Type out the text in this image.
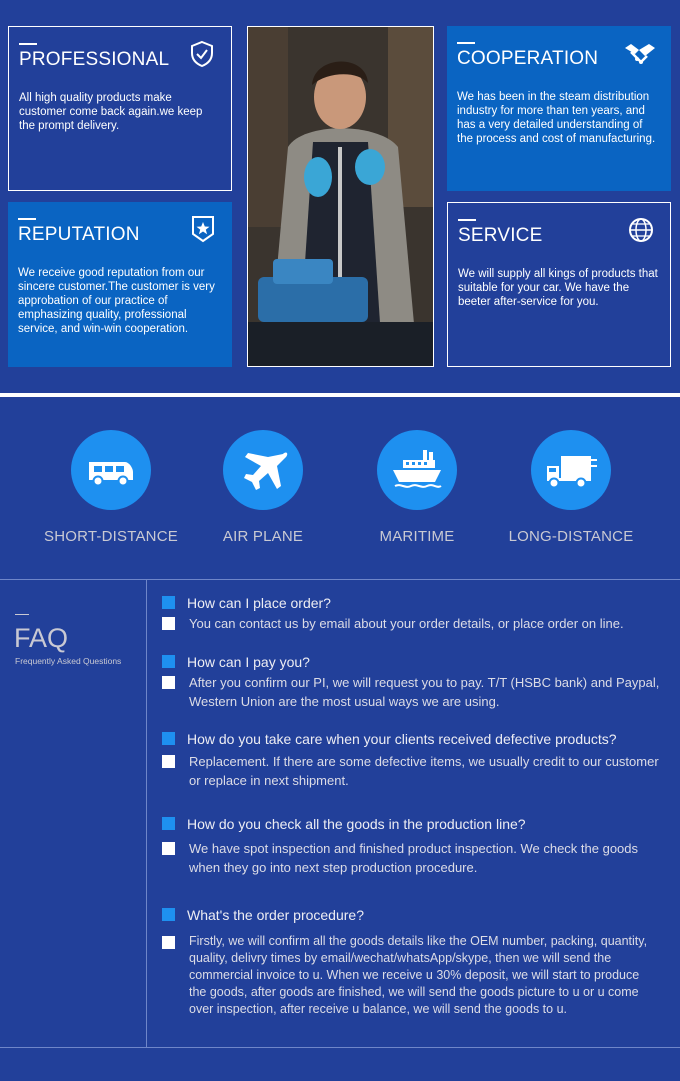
PROFESSIONAL
All high quality products make customer come back again.we keep the prompt delivery.
REPUTATION
We receive good reputation from our sincere customer.The customer is very approbation of our practice of emphasizing quality, professional service, and win-win cooperation.
COOPERATION
We has been in the steam distribution industry for more than ten years, and has a very detailed understanding of the process and cost of manufacturing.
SERVICE
We will supply all kings of products that suitable for your car. We have the beeter after-service for you.
SHORT-DISTANCE	AIR PLANE	MARITIME	LONG-DISTANCE
FAQ
Frequently Asked Questions
How can I place order?
You can contact us by email about your order details, or place order on line.
How can I pay you?
After you confirm our PI, we will request you to pay. T/T (HSBC bank) and Paypal, Western Union are the most usual ways we are using.
How do you take care when your clients received defective products?
Replacement. If there are some defective items, we usually credit to our customer or replace in next shipment.
How do you check all the goods in the production line?
We have spot inspection and finished product inspection. We check the goods when they go into next step production procedure.
What's the order procedure?
Firstly, we will confirm all the goods details like the OEM number, packing, quantity, quality, delivry times by email/wechat/whatsApp/skype, then we will send the commercial invoice to u. When we receive u 30% deposit, we will start to produce the goods, after goods are finished, we will send the goods picture to u or u come over inspection, after receive u balance, we will send the goods to u.
